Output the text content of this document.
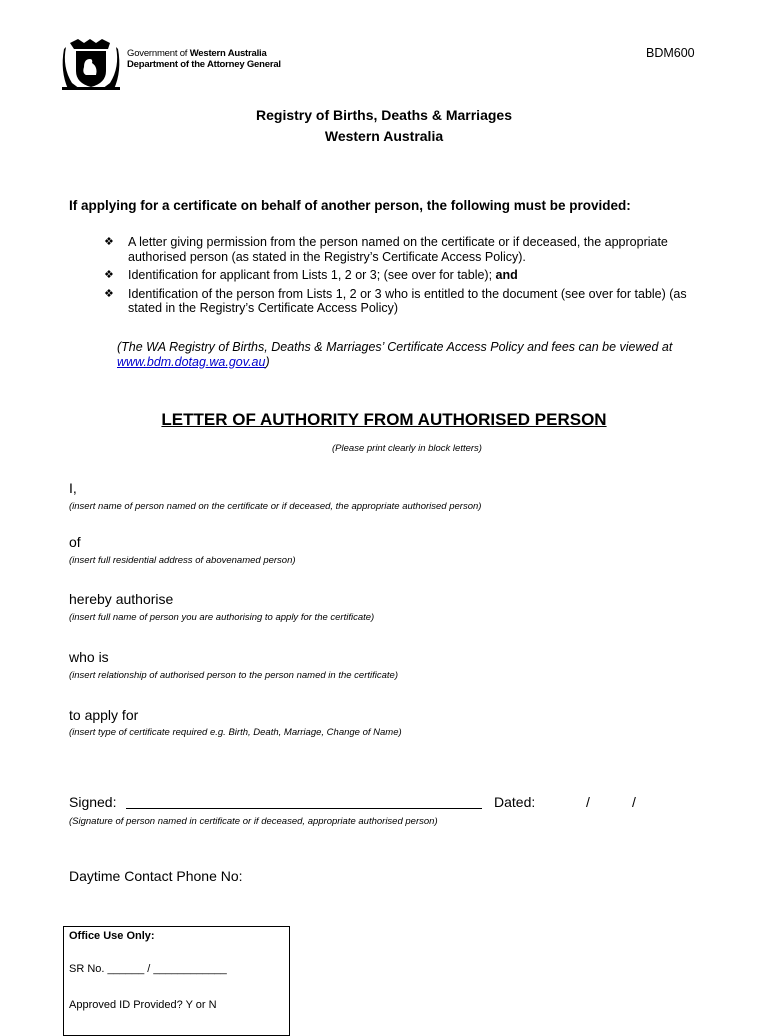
Government of Western Australia
Department of the Attorney General
BDM600
Registry of Births, Deaths & Marriages
Western Australia
If applying for a certificate on behalf of another person, the following must be provided:
❖ A letter giving permission from the person named on the certificate or if deceased, the appropriate authorised person (as stated in the Registry’s Certificate Access Policy).
❖ Identification for applicant from Lists 1, 2 or 3; (see over for table); and
❖ Identification of the person from Lists 1, 2 or 3 who is entitled to the document (see over for table) (as stated in the Registry’s Certificate Access Policy)
(The WA Registry of Births, Deaths & Marriages’ Certificate Access Policy and fees can be viewed at
www.bdm.dotag.wa.gov.au)
LETTER OF AUTHORITY FROM AUTHORISED PERSON
(Please print clearly in block letters)
I,
(insert name of person named on the certificate or if deceased, the appropriate authorised person)
of
(insert full residential address of abovenamed person)
hereby authorise
(insert full name of person you are authorising to apply for the certificate)
who is
(insert relationship of authorised person to the person named in the certificate)
to apply for
(insert type of certificate required e.g. Birth, Death, Marriage, Change of Name)
Signed:	Dated:	/	/
(Signature of person named in certificate or if deceased, appropriate authorised person)
Daytime Contact Phone No:
Office Use Only:
SR No. ______ / ____________
Approved ID Provided? Y or N
